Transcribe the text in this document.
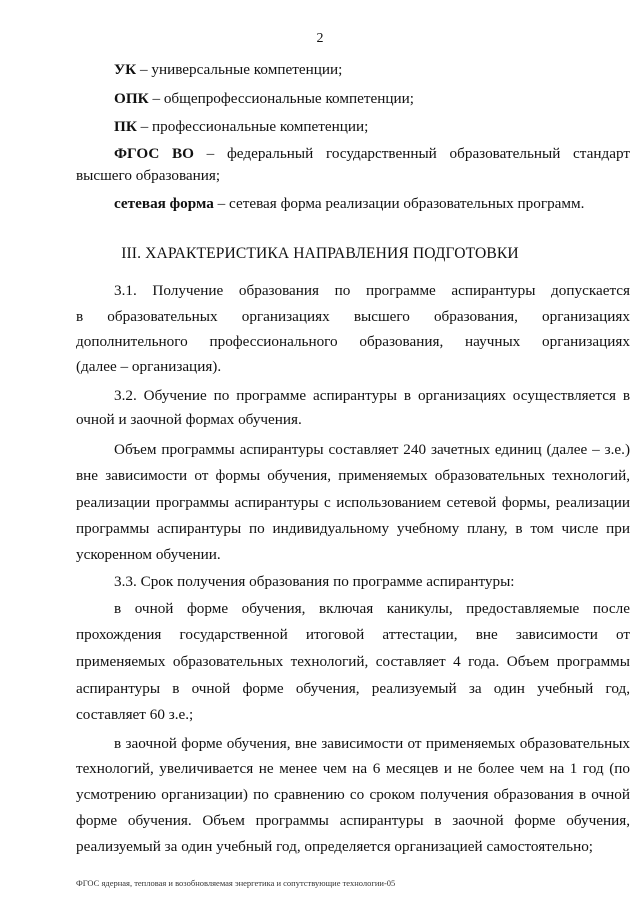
2
УК – универсальные компетенции;
ОПК – общепрофессиональные компетенции;
ПК – профессиональные компетенции;
ФГОС ВО – федеральный государственный образовательный стандарт
высшего образования;
сетевая форма – сетевая форма реализации образовательных программ.
III. ХАРАКТЕРИСТИКА НАПРАВЛЕНИЯ ПОДГОТОВКИ
3.1. Получение образования по программе аспирантуры допускается
в образовательных организациях высшего образования, организациях
дополнительного профессионального образования, научных организациях
(далее – организация).
3.2. Обучение по программе аспирантуры в организациях осуществляется в
очной и заочной формах обучения.
Объем программы аспирантуры составляет 240 зачетных единиц (далее – з.е.)
вне зависимости от формы обучения, применяемых образовательных технологий,
реализации программы аспирантуры с использованием сетевой формы, реализации
программы аспирантуры по индивидуальному учебному плану, в том числе при
ускоренном обучении.
3.3. Срок получения образования по программе аспирантуры:
в очной форме обучения, включая каникулы, предоставляемые после
прохождения государственной итоговой аттестации, вне зависимости от
применяемых образовательных технологий, составляет 4 года. Объем программы
аспирантуры в очной форме обучения, реализуемый за один учебный год,
составляет 60 з.е.;
в заочной форме обучения, вне зависимости от применяемых образовательных
технологий, увеличивается не менее чем на 6 месяцев и не более чем на 1 год (по
усмотрению организации) по сравнению со сроком получения образования в очной
форме обучения. Объем программы аспирантуры в заочной форме обучения,
реализуемый за один учебный год, определяется организацией самостоятельно;
ФГОС ядерная, тепловая и возобновляемая энергетика и сопутствующие технологии-05
